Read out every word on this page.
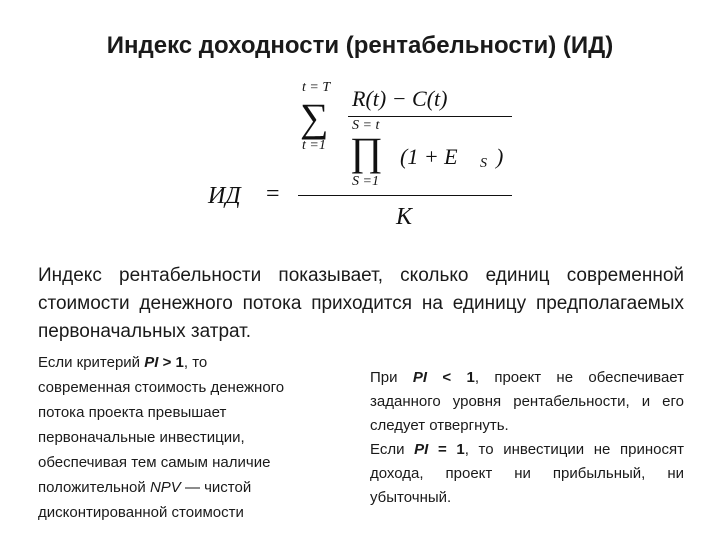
Индекс доходности (рентабельности) (ИД)
ИД =
t = T
∑
t =1
R(t) − C(t)
S = t
∏
S =1
(1 + E S )
K
Индекс рентабельности показывает, сколько единиц современной стоимости денежного потока приходится на единицу предполагаемых первоначальных затрат.
Если критерий PI > 1, то
современная стоимость денежного
потока проекта превышает
первоначальные инвестиции,
обеспечивая тем самым наличие
положительной NPV — чистой
дисконтированной стоимости

При PI < 1, проект не обеспечивает заданного уровня рентабельности, и его следует отвергнуть.

Если PI = 1, то инвестиции не приносят дохода, проект ни прибыльный, ни убыточный.
